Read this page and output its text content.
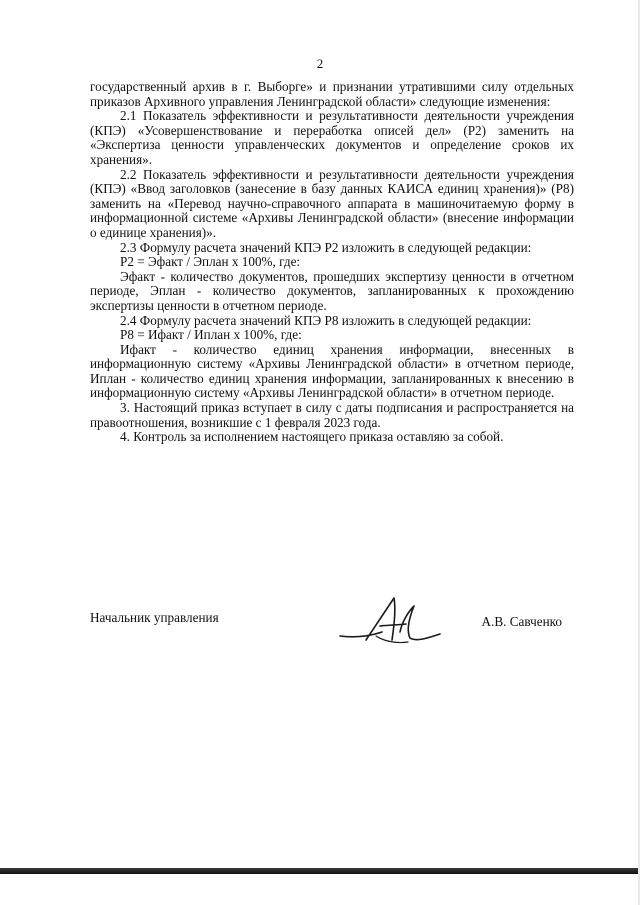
2

государственный архив в г. Выборге» и признании утратившими силу отдельных приказов Архивного управления Ленинградской области» следующие изменения:

2.1 Показатель эффективности и результативности деятельности учреждения (КПЭ) «Усовершенствование и переработка описей дел» (Р2) заменить на «Экспертиза ценности управленческих документов и определение сроков их хранения».

2.2 Показатель эффективности и результативности деятельности учреждения (КПЭ) «Ввод заголовков (занесение в базу данных КАИСА единиц хранения)» (Р8) заменить на «Перевод научно-справочного аппарата в машиночитаемую форму в информационной системе «Архивы Ленинградской области» (внесение информации о единице хранения)».

2.3 Формулу расчета значений КПЭ Р2 изложить в следующей редакции:

Р2 = Эфакт / Эплан х 100%, где:

Эфакт - количество документов, прошедших экспертизу ценности в отчетном периоде, Эплан - количество документов, запланированных к прохождению экспертизы ценности в отчетном периоде.

2.4 Формулу расчета значений КПЭ Р8 изложить в следующей редакции:

Р8 = Ифакт / Иплан х 100%, где:

Ифакт - количество единиц хранения информации, внесенных в информационную систему «Архивы Ленинградской области» в отчетном периоде, Иплан - количество единиц хранения информации, запланированных к внесению в информационную систему «Архивы Ленинградской области» в отчетном периоде.

3. Настоящий приказ вступает в силу с даты подписания и распространяется на правоотношения, возникшие с 1 февраля 2023 года.

4. Контроль за исполнением настоящего приказа оставляю за собой.

Начальник управления	А.В. Савченко
